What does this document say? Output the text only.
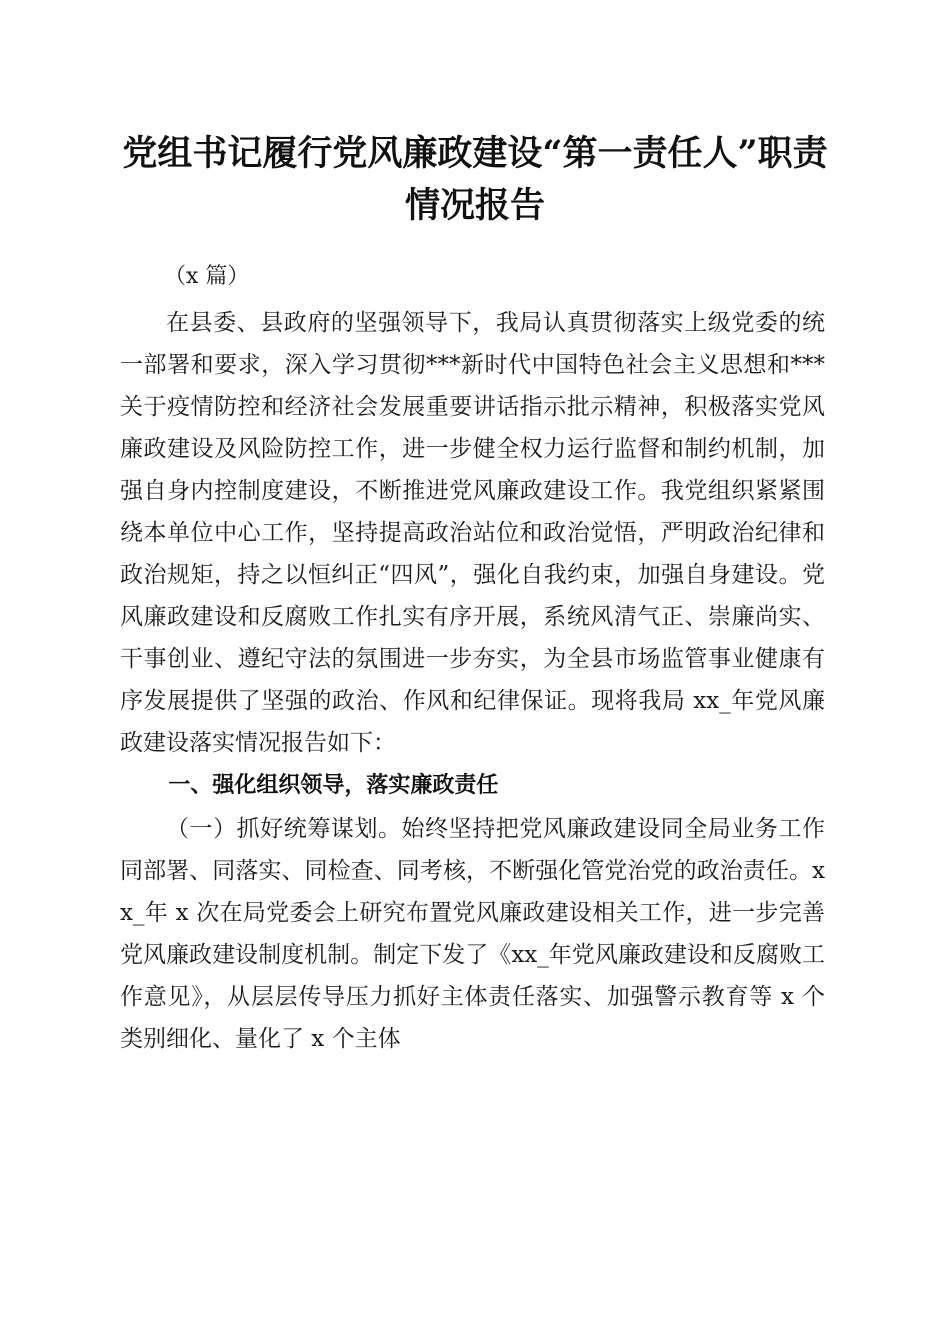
党组书记履行党风廉政建设“第一责任人”职责情况报告

（x 篇）

在县委、县政府的坚强领导下，我局认真贯彻落实上级党委的统一部署和要求，深入学习贯彻***新时代中国特色社会主义思想和***关于疫情防控和经济社会发展重要讲话指示批示精神，积极落实党风廉政建设及风险防控工作，进一步健全权力运行监督和制约机制，加强自身内控制度建设，不断推进党风廉政建设工作。我党组织紧紧围绕本单位中心工作，坚持提高政治站位和政治觉悟，严明政治纪律和政治规矩，持之以恒纠正“四风”，强化自我约束，加强自身建设。党风廉政建设和反腐败工作扎实有序开展，系统风清气正、崇廉尚实、干事创业、遵纪守法的氛围进一步夯实，为全县市场监管事业健康有序发展提供了坚强的政治、作风和纪律保证。现将我局 xx_年党风廉政建设落实情况报告如下：

一、强化组织领导，落实廉政责任

（一）抓好统筹谋划。始终坚持把党风廉政建设同全局业务工作同部署、同落实、同检查、同考核，不断强化管党治党的政治责任。xx_年 x 次在局党委会上研究布置党风廉政建设相关工作，进一步完善党风廉政建设制度机制。制定下发了《xx_年党风廉政建设和反腐败工作意见》，从层层传导压力抓好主体责任落实、加强警示教育等 x 个类别细化、量化了 x 个主体
